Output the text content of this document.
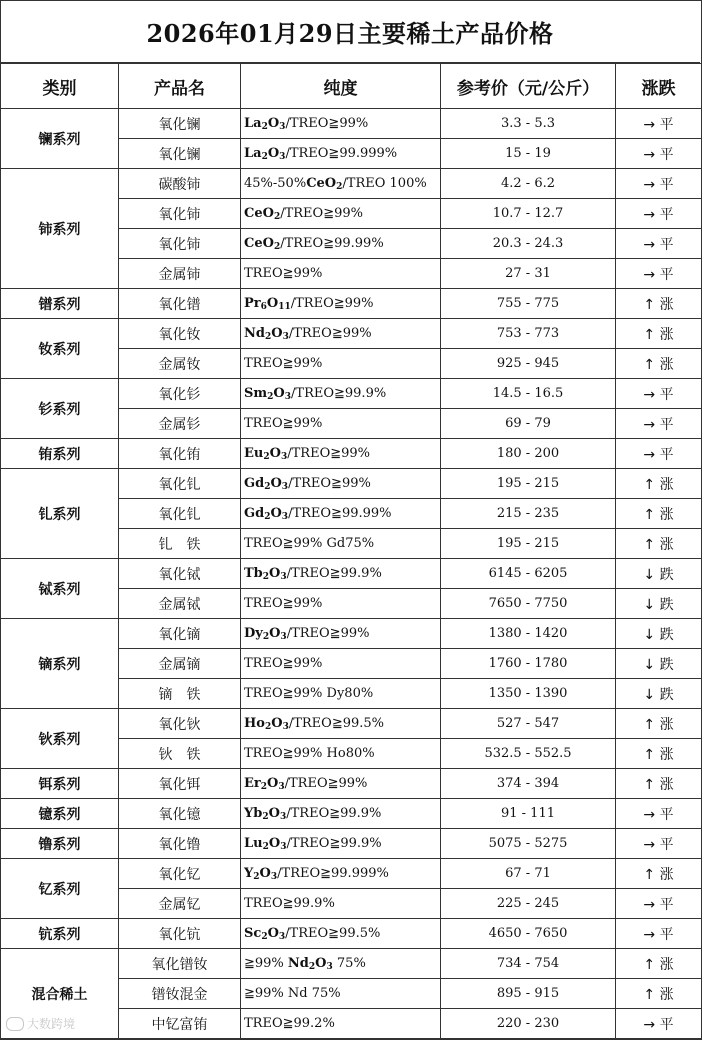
2026年01月29日主要稀土产品价格
类别	产品名	纯度	参考价（元/公斤）	涨跌
镧系列	氧化镧	$La_2O_3/TREO≧99\%$	3.3 - 5.3	→ 平
	氧化镧	$La_2O_3/TREO≧99.999\%$	15 - 19	→ 平
铈系列	碳酸铈	45%-50%CeO$_2$/TREO 100%	4.2 - 6.2	→ 平
	氧化铈	CeO$_2$/TREO≧99%	10.7 - 12.7	→ 平
	氧化铈	CeO$_2$/TREO≧99.99%	20.3 - 24.3	→ 平
	金属铈	TREO≧99%	27 - 31	→ 平
镨系列	氧化镨	$Pr_6O_{11}/TREO≧99\%$	755 - 775	↑ 涨
钕系列	氧化钕	$Nd_2O_3/TREO≧99\%$	753 - 773	↑ 涨
	金属钕	TREO≧99%	925 - 945	↑ 涨
钐系列	氧化钐	$Sm_2O_3/TREO≧99.9\%$	14.5 - 16.5	→ 平
	金属钐	TREO≧99%	69 - 79	→ 平
铕系列	氧化铕	$Eu_2O_3/TREO≧99\%$	180 - 200	→ 平
钆系列	氧化钆	$Gd_2O_3/TREO≧99\%$	195 - 215	↑ 涨
	氧化钆	$Gd_2O_3/TREO≧99.99\%$	215 - 235	↑ 涨
	钆　铁	TREO≧99% Gd75%	195 - 215	↑ 涨
铽系列	氧化铽	$Tb_2O_3/TREO≧99.9\%$	6145 - 6205	↓ 跌
	金属铽	TREO≧99%	7650 - 7750	↓ 跌
镝系列	氧化镝	$Dy_2O_3/TREO≧99\%$	1380 - 1420	↓ 跌
	金属镝	TREO≧99%	1760 - 1780	↓ 跌
	镝　铁	TREO≧99% Dy80%	1350 - 1390	↓ 跌
钬系列	氧化钬	$Ho_2O_3/TREO≧99.5\%$	527 - 547	↑ 涨
	钬　铁	TREO≧99% Ho80%	532.5 - 552.5	↑ 涨
铒系列	氧化铒	$Er_2O_3/TREO≧99\%$	374 - 394	↑ 涨
镱系列	氧化镱	$Yb_2O_3/TREO≧99.9\%$	91 - 111	→ 平
镥系列	氧化镥	$Lu_2O_3/TREO≧99.9\%$	5075 - 5275	→ 平
钇系列	氧化钇	$Y_2O_3/TREO≧99.999\%$	67 - 71	↑ 涨
	金属钇	TREO≧99.9%	225 - 245	→ 平
钪系列	氧化钪	$Sc_2O_3/TREO≧99.5\%$	4650 - 7650	→ 平
混合稀土	氧化镨钕	≧99% $Nd_2O_3$ 75%	734 - 754	↑ 涨
	镨钕混金	≧99% Nd 75%	895 - 915	↑ 涨
	中钇富铕	TREO≧99.2%	220 - 230	→ 平
大数跨境
